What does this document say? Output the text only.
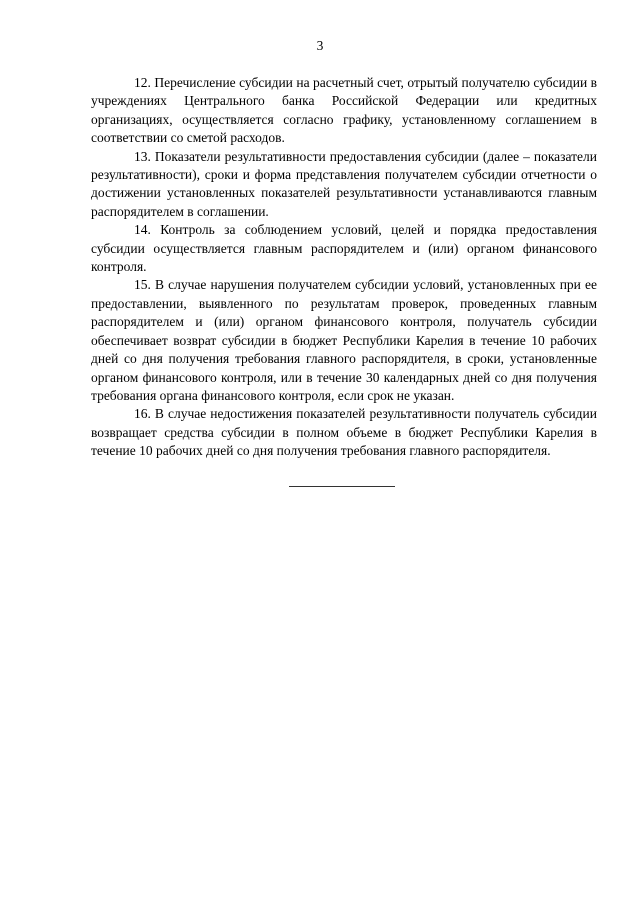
3

12. Перечисление субсидии на расчетный счет, отрытый получателю субсидии в учреждениях Центрального банка Российской Федерации или кредитных организациях, осуществляется согласно графику, установленному соглашением в соответствии со сметой расходов.

13. Показатели результативности предоставления субсидии (далее – показатели результативности), сроки и форма представления получателем субсидии отчетности о достижении установленных показателей результативности устанавливаются главным распорядителем в соглашении.

14. Контроль за соблюдением условий, целей и порядка предоставления субсидии осуществляется главным распорядителем и (или) органом финансового контроля.

15. В случае нарушения получателем субсидии условий, установленных при ее предоставлении, выявленного по результатам проверок, проведенных главным распорядителем и (или) органом финансового контроля, получатель субсидии обеспечивает возврат субсидии в бюджет Республики Карелия в течение 10 рабочих дней со дня получения требования главного распорядителя, в сроки, установленные органом финансового контроля, или в течение 30 календарных дней со дня получения требования органа финансового контроля, если срок не указан.

16. В случае недостижения показателей результативности получатель субсидии возвращает средства субсидии в полном объеме в бюджет Республики Карелия в течение 10 рабочих дней со дня получения требования главного распорядителя.
